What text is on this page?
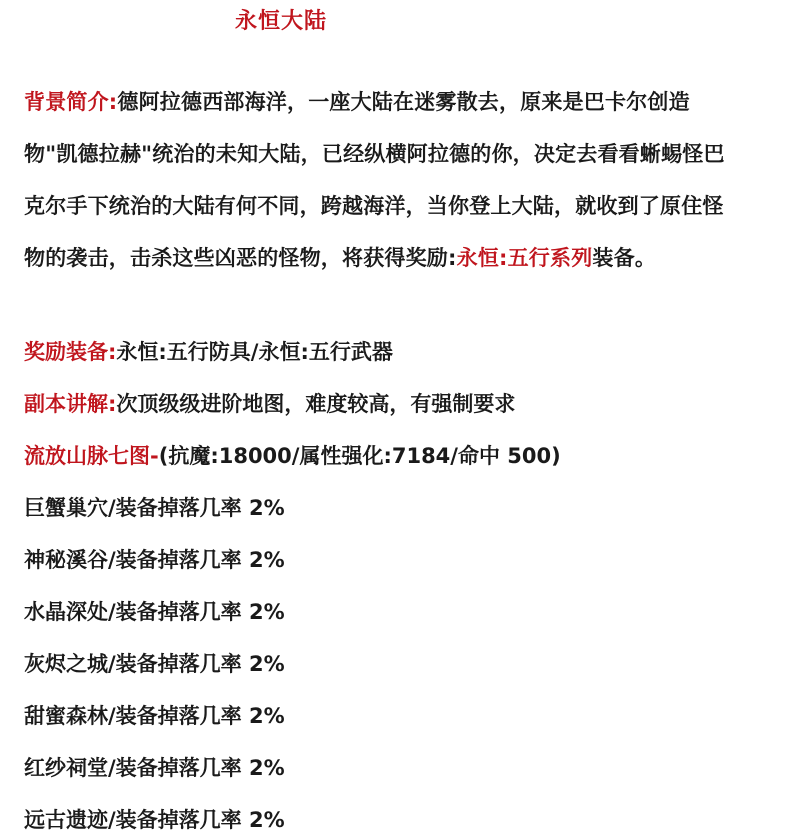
永恒大陆
背景简介:德阿拉德西部海洋，一座大陆在迷雾散去，原来是巴卡尔创造物"凯德拉赫"统治的未知大陆，已经纵横阿拉德的你，决定去看看蜥蜴怪巴克尔手下统治的大陆有何不同，跨越海洋，当你登上大陆，就收到了原住怪物的袭击，击杀这些凶恶的怪物，将获得奖励:永恒:五行系列装备。
奖励装备:永恒:五行防具/永恒:五行武器
副本讲解:次顶级级进阶地图，难度较高，有强制要求
流放山脉七图-(抗魔:18000/属性强化:7184/命中 500)
巨蟹巢穴/装备掉落几率 2%
神秘溪谷/装备掉落几率 2%
水晶深处/装备掉落几率 2%
灰烬之城/装备掉落几率 2%
甜蜜森林/装备掉落几率 2%
红纱祠堂/装备掉落几率 2%
远古遗迹/装备掉落几率 2%
